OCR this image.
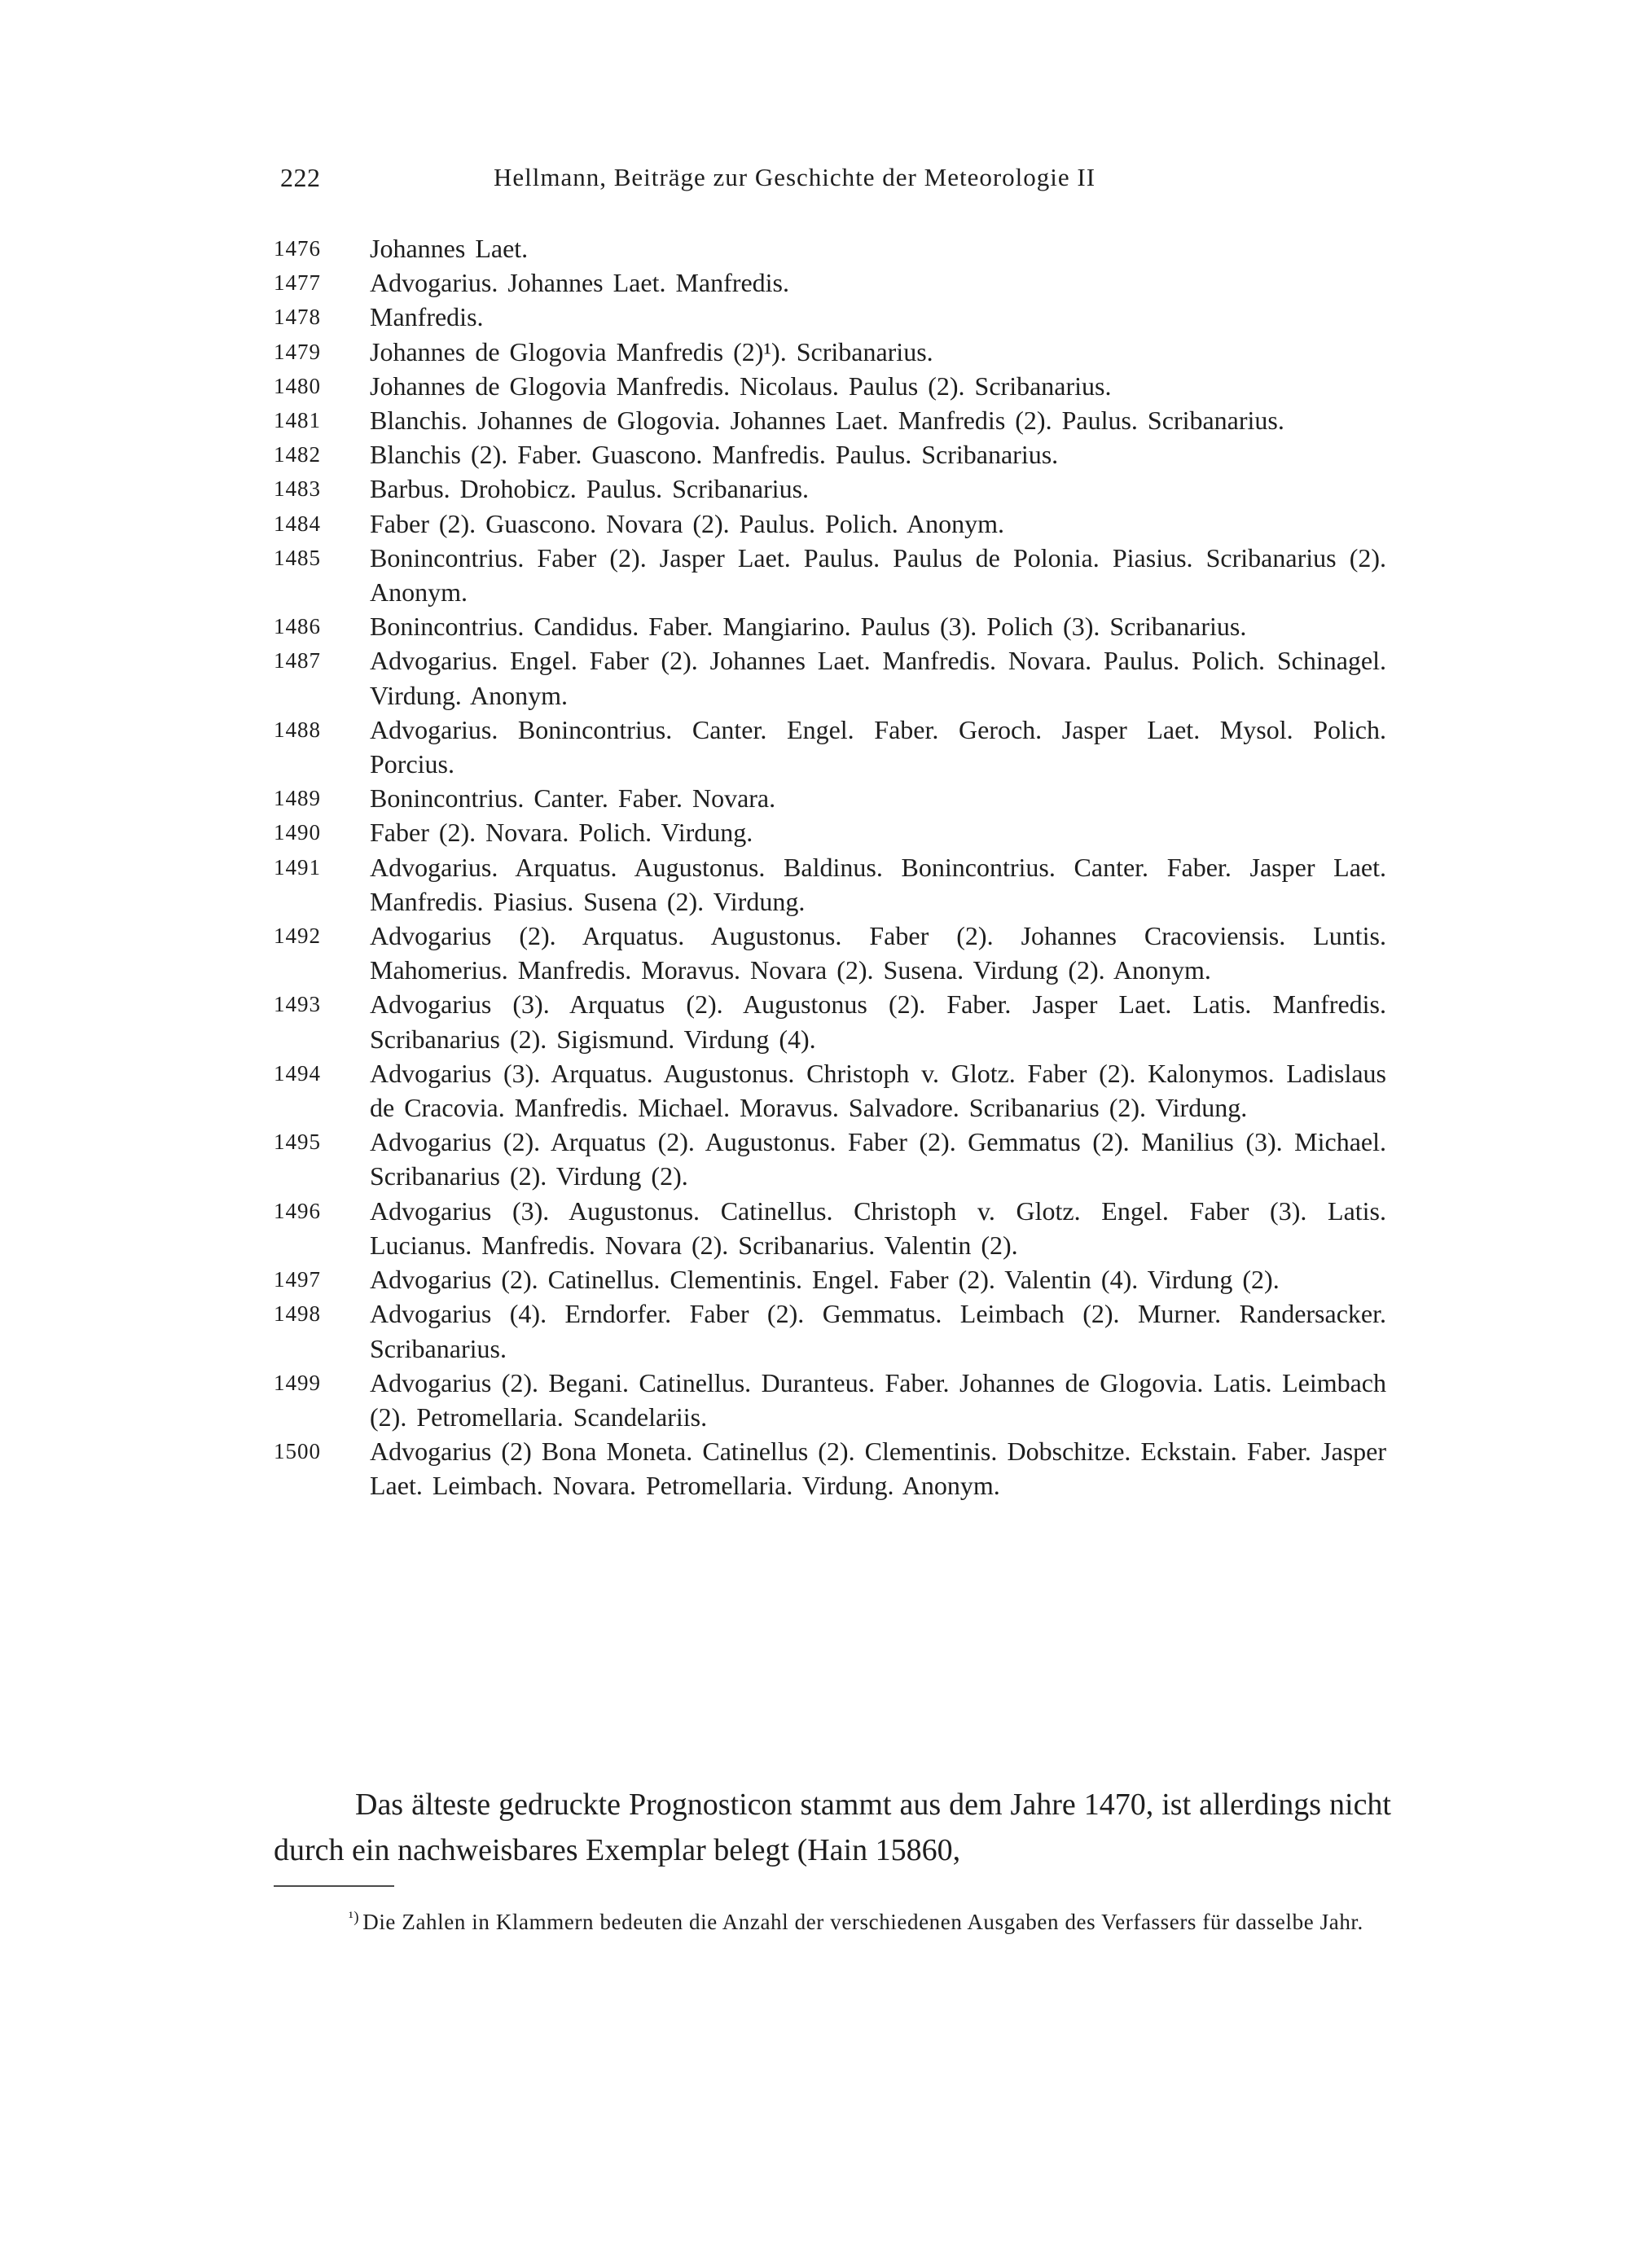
222	Hellmann, Beiträge zur Geschichte der Meteorologie II
1476	Johannes Laet.
1477	Advogarius. Johannes Laet. Manfredis.
1478	Manfredis.
1479	Johannes de Glogovia Manfredis (2)¹). Scribanarius.
1480	Johannes de Glogovia Manfredis. Nicolaus. Paulus (2). Scribanarius.
1481	Blanchis. Johannes de Glogovia. Johannes Laet. Manfredis (2). Paulus. Scribanarius.
1482	Blanchis (2). Faber. Guascono. Manfredis. Paulus. Scribanarius.
1483	Barbus. Drohobicz. Paulus. Scribanarius.
1484	Faber (2). Guascono. Novara (2). Paulus. Polich. Anonym.
1485	Bonincontrius. Faber (2). Jasper Laet. Paulus. Paulus de Polonia. Piasius. Scribanarius (2). Anonym.
1486	Bonincontrius. Candidus. Faber. Mangiarino. Paulus (3). Polich (3). Scribanarius.
1487	Advogarius. Engel. Faber (2). Johannes Laet. Manfredis. Novara. Paulus. Polich. Schinagel. Virdung. Anonym.
1488	Advogarius. Bonincontrius. Canter. Engel. Faber. Geroch. Jasper Laet. Mysol. Polich. Porcius.
1489	Bonincontrius. Canter. Faber. Novara.
1490	Faber (2). Novara. Polich. Virdung.
1491	Advogarius. Arquatus. Augustonus. Baldinus. Bonincontrius. Canter. Faber. Jasper Laet. Manfredis. Piasius. Susena (2). Virdung.
1492	Advogarius (2). Arquatus. Augustonus. Faber (2). Johannes Cracoviensis. Luntis. Mahomerius. Manfredis. Moravus. Novara (2). Susena. Virdung (2). Anonym.
1493	Advogarius (3). Arquatus (2). Augustonus (2). Faber. Jasper Laet. Latis. Manfredis. Scribanarius (2). Sigismund. Virdung (4).
1494	Advogarius (3). Arquatus. Augustonus. Christoph v. Glotz. Faber (2). Kalonymos. Ladislaus de Cracovia. Manfredis. Michael. Moravus. Salvadore. Scribanarius (2). Virdung.
1495	Advogarius (2). Arquatus (2). Augustonus. Faber (2). Gemmatus (2). Manilius (3). Michael. Scribanarius (2). Virdung (2).
1496	Advogarius (3). Augustonus. Catinellus. Christoph v. Glotz. Engel. Faber (3). Latis. Lucianus. Manfredis. Novara (2). Scribanarius. Valentin (2).
1497	Advogarius (2). Catinellus. Clementinis. Engel. Faber (2). Valentin (4). Virdung (2).
1498	Advogarius (4). Erndorfer. Faber (2). Gemmatus. Leimbach (2). Murner. Randersacker. Scribanarius.
1499	Advogarius (2). Begani. Catinellus. Duranteus. Faber. Johannes de Glogovia. Latis. Leimbach (2). Petromellaria. Scandelariis.
1500	Advogarius (2) Bona Moneta. Catinellus (2). Clementinis. Dobschitze. Eckstain. Faber. Jasper Laet. Leimbach. Novara. Petromellaria. Virdung. Anonym.
Das älteste gedruckte Prognosticon stammt aus dem Jahre 1470, ist allerdings nicht durch ein nachweisbares Exemplar belegt (Hain 15860,
$^{^1)}$ Die Zahlen in Klammern bedeuten die Anzahl der verschiedenen Ausgaben des Verfassers für dasselbe Jahr.
